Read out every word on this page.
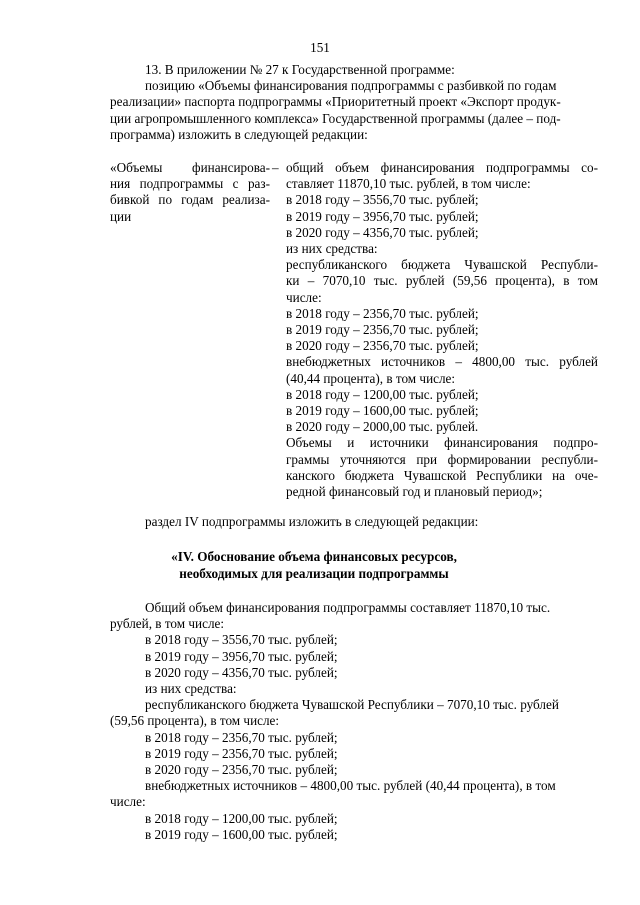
151
13. В приложении № 27 к Государственной программе:
позицию «Объемы финансирования подпрограммы с разбивкой по годам
реализации» паспорта подпрограммы «Приоритетный проект «Экспорт продук-
ции агропромышленного комплекса» Государственной программы (далее – под-
программа) изложить в следующей редакции:
«Объемы финансирова-
ния подпрограммы с раз-
бивкой по годам реализа-
ции
– общий объем финансирования подпрограммы со-
ставляет 11870,10 тыс. рублей, в том числе:
в 2018 году – 3556,70 тыс. рублей;
в 2019 году – 3956,70 тыс. рублей;
в 2020 году – 4356,70 тыс. рублей;
из них средства:
республиканского бюджета Чувашской Республи-
ки – 7070,10 тыс. рублей (59,56 процента), в том
числе:
в 2018 году – 2356,70 тыс. рублей;
в 2019 году – 2356,70 тыс. рублей;
в 2020 году – 2356,70 тыс. рублей;
внебюджетных источников – 4800,00 тыс. рублей
(40,44 процента), в том числе:
в 2018 году – 1200,00 тыс. рублей;
в 2019 году – 1600,00 тыс. рублей;
в 2020 году – 2000,00 тыс. рублей.
Объемы и источники финансирования подпро-
граммы уточняются при формировании республи-
канского бюджета Чувашской Республики на оче-
редной финансовый год и плановый период»;
раздел IV подпрограммы изложить в следующей редакции:
«IV. Обоснование объема финансовых ресурсов,
необходимых для реализации подпрограммы
Общий объем финансирования подпрограммы составляет 11870,10 тыс.
рублей, в том числе:
в 2018 году – 3556,70 тыс. рублей;
в 2019 году – 3956,70 тыс. рублей;
в 2020 году – 4356,70 тыс. рублей;
из них средства:
республиканского бюджета Чувашской Республики – 7070,10 тыс. рублей
(59,56 процента), в том числе:
в 2018 году – 2356,70 тыс. рублей;
в 2019 году – 2356,70 тыс. рублей;
в 2020 году – 2356,70 тыс. рублей;
внебюджетных источников – 4800,00 тыс. рублей (40,44 процента), в том
числе:
в 2018 году – 1200,00 тыс. рублей;
в 2019 году – 1600,00 тыс. рублей;
